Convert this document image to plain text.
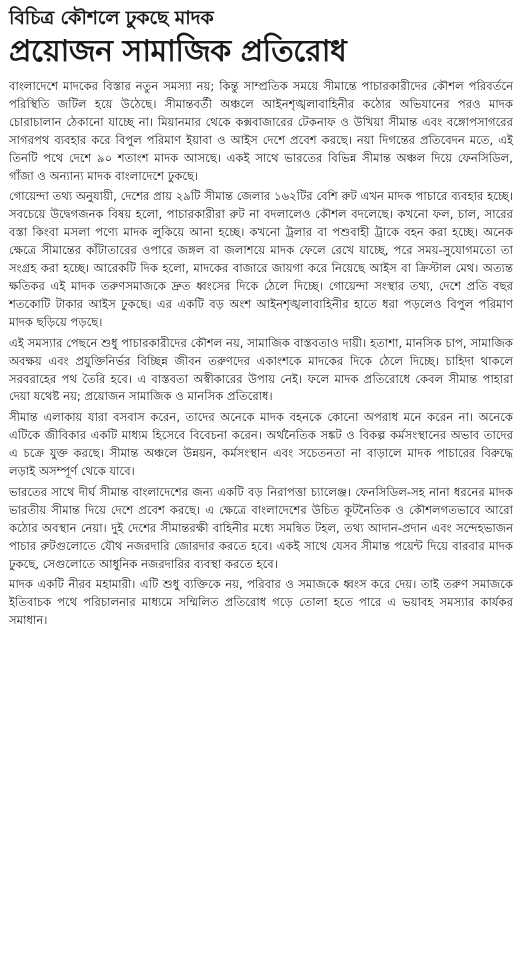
বিচিত্র কৌশলে ঢুকছে মাদক
প্রয়োজন সামাজিক প্রতিরোধ

বাংলাদেশে মাদকের বিস্তার নতুন সমস্যা নয়; কিন্তু সাম্প্রতিক সময়ে সীমান্তে পাচারকারীদের কৌশল পরিবর্তনে পরিস্থিতি জটিল হয়ে উঠেছে। সীমান্তবর্তী অঞ্চলে আইনশৃঙ্খলাবাহিনীর কঠোর অভিযানের পরও মাদক চোরাচালান ঠেকানো যাচ্ছে না। মিয়ানমার থেকে কক্সবাজারের টেকনাফ ও উখিয়া সীমান্ত এবং বঙ্গোপসাগরের সাগরপথ ব্যবহার করে বিপুল পরিমাণ ইয়াবা ও আইস দেশে প্রবেশ করছে। নয়া দিগন্তের প্রতিবেদন মতে, এই তিনটি পথে দেশে ৯০ শতাংশ মাদক আসছে। একই সাথে ভারতের বিভিন্ন সীমান্ত অঞ্চল দিয়ে ফেনসিডিল, গাঁজা ও অন্যান্য মাদক বাংলাদেশে ঢুকছে।

গোয়েন্দা তথ্য অনুযায়ী, দেশের প্রায় ২৯টি সীমান্ত জেলার ১৬২টির বেশি রুট এখন মাদক পাচারে ব্যবহার হচ্ছে। সবচেয়ে উদ্বেগজনক বিষয় হলো, পাচারকারীরা রুট না বদলালেও কৌশল বদলেছে। কখনো ফল, চাল, সারের বস্তা কিংবা মসলা পণ্যে মাদক লুকিয়ে আনা হচ্ছে। কখনো ট্রলার বা পশুবাহী ট্রাকে বহন করা হচ্ছে। অনেক ক্ষেত্রে সীমান্তের কাঁটাতারের ওপারে জঙ্গল বা জলাশয়ে মাদক ফেলে রেখে যাচ্ছে, পরে সময়-সুযোগমতো তা সংগ্রহ করা হচ্ছে। আরেকটি দিক হলো, মাদকের বাজারে জায়গা করে নিয়েছে আইস বা ক্রিস্টাল মেথ। অত্যন্ত ক্ষতিকর এই মাদক তরুণসমাজকে দ্রুত ধ্বংসের দিকে ঠেলে দিচ্ছে। গোয়েন্দা সংস্থার তথ্য, দেশে প্রতি বছর শতকোটি টাকার আইস ঢুকছে। এর একটি বড় অংশ আইনশৃঙ্খলাবাহিনীর হাতে ধরা পড়লেও বিপুল পরিমাণ মাদক ছড়িয়ে পড়ছে।

এই সমস্যার পেছনে শুধু পাচারকারীদের কৌশল নয়, সামাজিক বাস্তবতাও দায়ী। হতাশা, মানসিক চাপ, সামাজিক অবক্ষয় এবং প্রযুক্তিনির্ভর বিচ্ছিন্ন জীবন তরুণদের একাংশকে মাদকের দিকে ঠেলে দিচ্ছে। চাহিদা থাকলে সরবরাহের পথ তৈরি হবে। এ বাস্তবতা অস্বীকারের উপায় নেই। ফলে মাদক প্রতিরোধে কেবল সীমান্ত পাহারা দেয়া যথেষ্ট নয়; প্রয়োজন সামাজিক ও মানসিক প্রতিরোধ।

সীমান্ত এলাকায় যারা বসবাস করেন, তাদের অনেকে মাদক বহনকে কোনো অপরাধ মনে করেন না। অনেকে এটিকে জীবিকার একটি মাধ্যম হিসেবে বিবেচনা করেন। অর্থনৈতিক সঙ্কট ও বিকল্প কর্মসংস্থানের অভাব তাদের এ চক্রে যুক্ত করছে। সীমান্ত অঞ্চলে উন্নয়ন, কর্মসংস্থান এবং সচেতনতা না বাড়ালে মাদক পাচারের বিরুদ্ধে লড়াই অসম্পূর্ণ থেকে যাবে।

ভারতের সাথে দীর্ঘ সীমান্ত বাংলাদেশের জন্য একটি বড় নিরাপত্তা চ্যালেঞ্জ। ফেনসিডিল-সহ নানা ধরনের মাদক ভারতীয় সীমান্ত দিয়ে দেশে প্রবেশ করছে। এ ক্ষেত্রে বাংলাদেশের উচিত কূটনৈতিক ও কৌশলগতভাবে আরো কঠোর অবস্থান নেয়া। দুই দেশের সীমান্তরক্ষী বাহিনীর মধ্যে সমন্বিত টহল, তথ্য আদান-প্রদান এবং সন্দেহভাজন পাচার রুটগুলোতে যৌথ নজরদারি জোরদার করতে হবে। একই সাথে যেসব সীমান্ত পয়েন্ট দিয়ে বারবার মাদক ঢুকছে, সেগুলোতে আধুনিক নজরদারির ব্যবস্থা করতে হবে।

মাদক একটি নীরব মহামারী। এটি শুধু ব্যক্তিকে নয়, পরিবার ও সমাজকে ধ্বংস করে দেয়। তাই তরুণ সমাজকে ইতিবাচক পথে পরিচালনার মাধ্যমে সম্মিলিত প্রতিরোধ গড়ে তোলা হতে পারে এ ভয়াবহ সমস্যার কার্যকর সমাধান।
